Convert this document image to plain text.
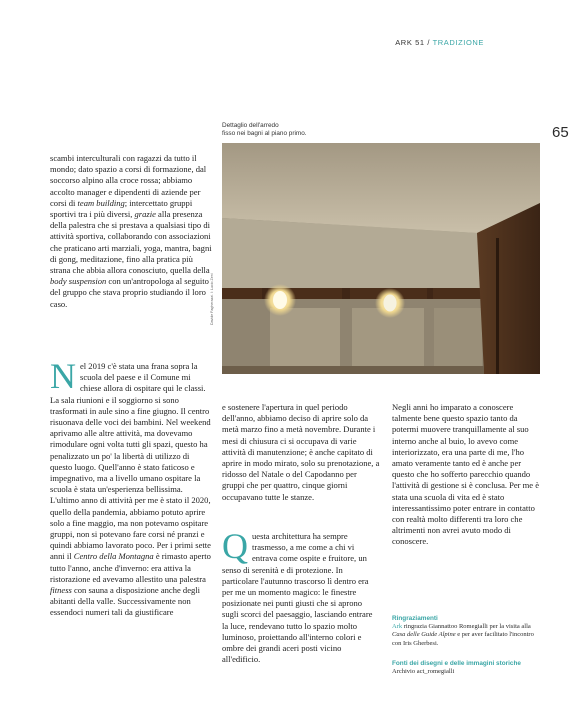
ARK 51 / TRADIZIONE
65
Dettaglio dell'arredo
fisso nei bagni al piano primo.
Davide Fagherazzi. I: Lucio Zeni

scambi interculturali con ragazzi da tutto il mondo; dato spazio a corsi di formazione, dal soccorso alpino alla croce rossa; abbiamo accolto manager e dipendenti di aziende per corsi di team building; intercettato gruppi sportivi tra i più diversi, grazie alla presenza della palestra che si prestava a qualsiasi tipo di attività sportiva, collaborando con associazioni che praticano arti marziali, yoga, mantra, bagni di gong, meditazione, fino alla pratica più strana che abbia allora conosciuto, quella della body suspension con un'antropologa al seguito del gruppo che stava proprio studiando il loro caso.

Nel 2019 c'è stata una frana sopra la scuola del paese e il Comune mi chiese allora di ospitare qui le classi. La sala riunioni e il soggiorno si sono trasformati in aule sino a fine giugno. Il centro risuonava delle voci dei bambini. Nel weekend aprivamo alle altre attività, ma dovevamo rimodulare ogni volta tutti gli spazi, questo ha penalizzato un po' la libertà di utilizzo di questo luogo. Quell'anno è stato faticoso e impegnativo, ma a livello umano ospitare la scuola è stata un'esperienza bellissima. L'ultimo anno di attività per me è stato il 2020, quello della pandemia, abbiamo potuto aprire solo a fine maggio, ma non potevamo ospitare gruppi, non si potevano fare corsi né pranzi e quindi abbiamo lavorato poco. Per i primi sette anni il Centro della Montagna è rimasto aperto tutto l'anno, anche d'inverno: era attiva la ristorazione ed avevamo allestito una palestra fitness con sauna a disposizione anche degli abitanti della valle. Successivamente non essendoci numeri tali da giustificare

e sostenere l'apertura in quel periodo dell'anno, abbiamo deciso di aprire solo da metà marzo fino a metà novembre. Durante i mesi di chiusura ci si occupava di varie attività di manutenzione; è anche capitato di aprire in modo mirato, solo su prenotazione, a ridosso del Natale o del Capodanno per gruppi che per quattro, cinque giorni occupavano tutte le stanze.

Questa architettura ha sempre trasmesso, a me come a chi vi entrava come ospite e fruitore, un senso di serenità e di protezione. In particolare l'autunno trascorso lì dentro era per me un momento magico: le finestre posizionate nei punti giusti che si aprono sugli scorci del paesaggio, lasciando entrare la luce, rendevano tutto lo spazio molto luminoso, proiettando all'interno colori e ombre dei grandi aceri posti vicino all'edificio.

Negli anni ho imparato a conoscere talmente bene questo spazio tanto da potermi muovere tranquillamente al suo interno anche al buio, lo avevo come interiorizzato, era una parte di me, l'ho amato veramente tanto ed è anche per questo che ho sofferto parecchio quando l'attività di gestione si è conclusa. Per me è stata una scuola di vita ed è stato interessantissimo poter entrare in contatto con realtà molto differenti tra loro che altrimenti non avrei avuto modo di conoscere.

Ringraziamenti
Ark ringrazia Giannattoo Romegialli per la visita alla Casa delle Guide Alpine e per aver facilitato l'incontro con Iris Gherbesi.
Fonti dei disegni e delle immagini storiche
Archivio act_romegialli
